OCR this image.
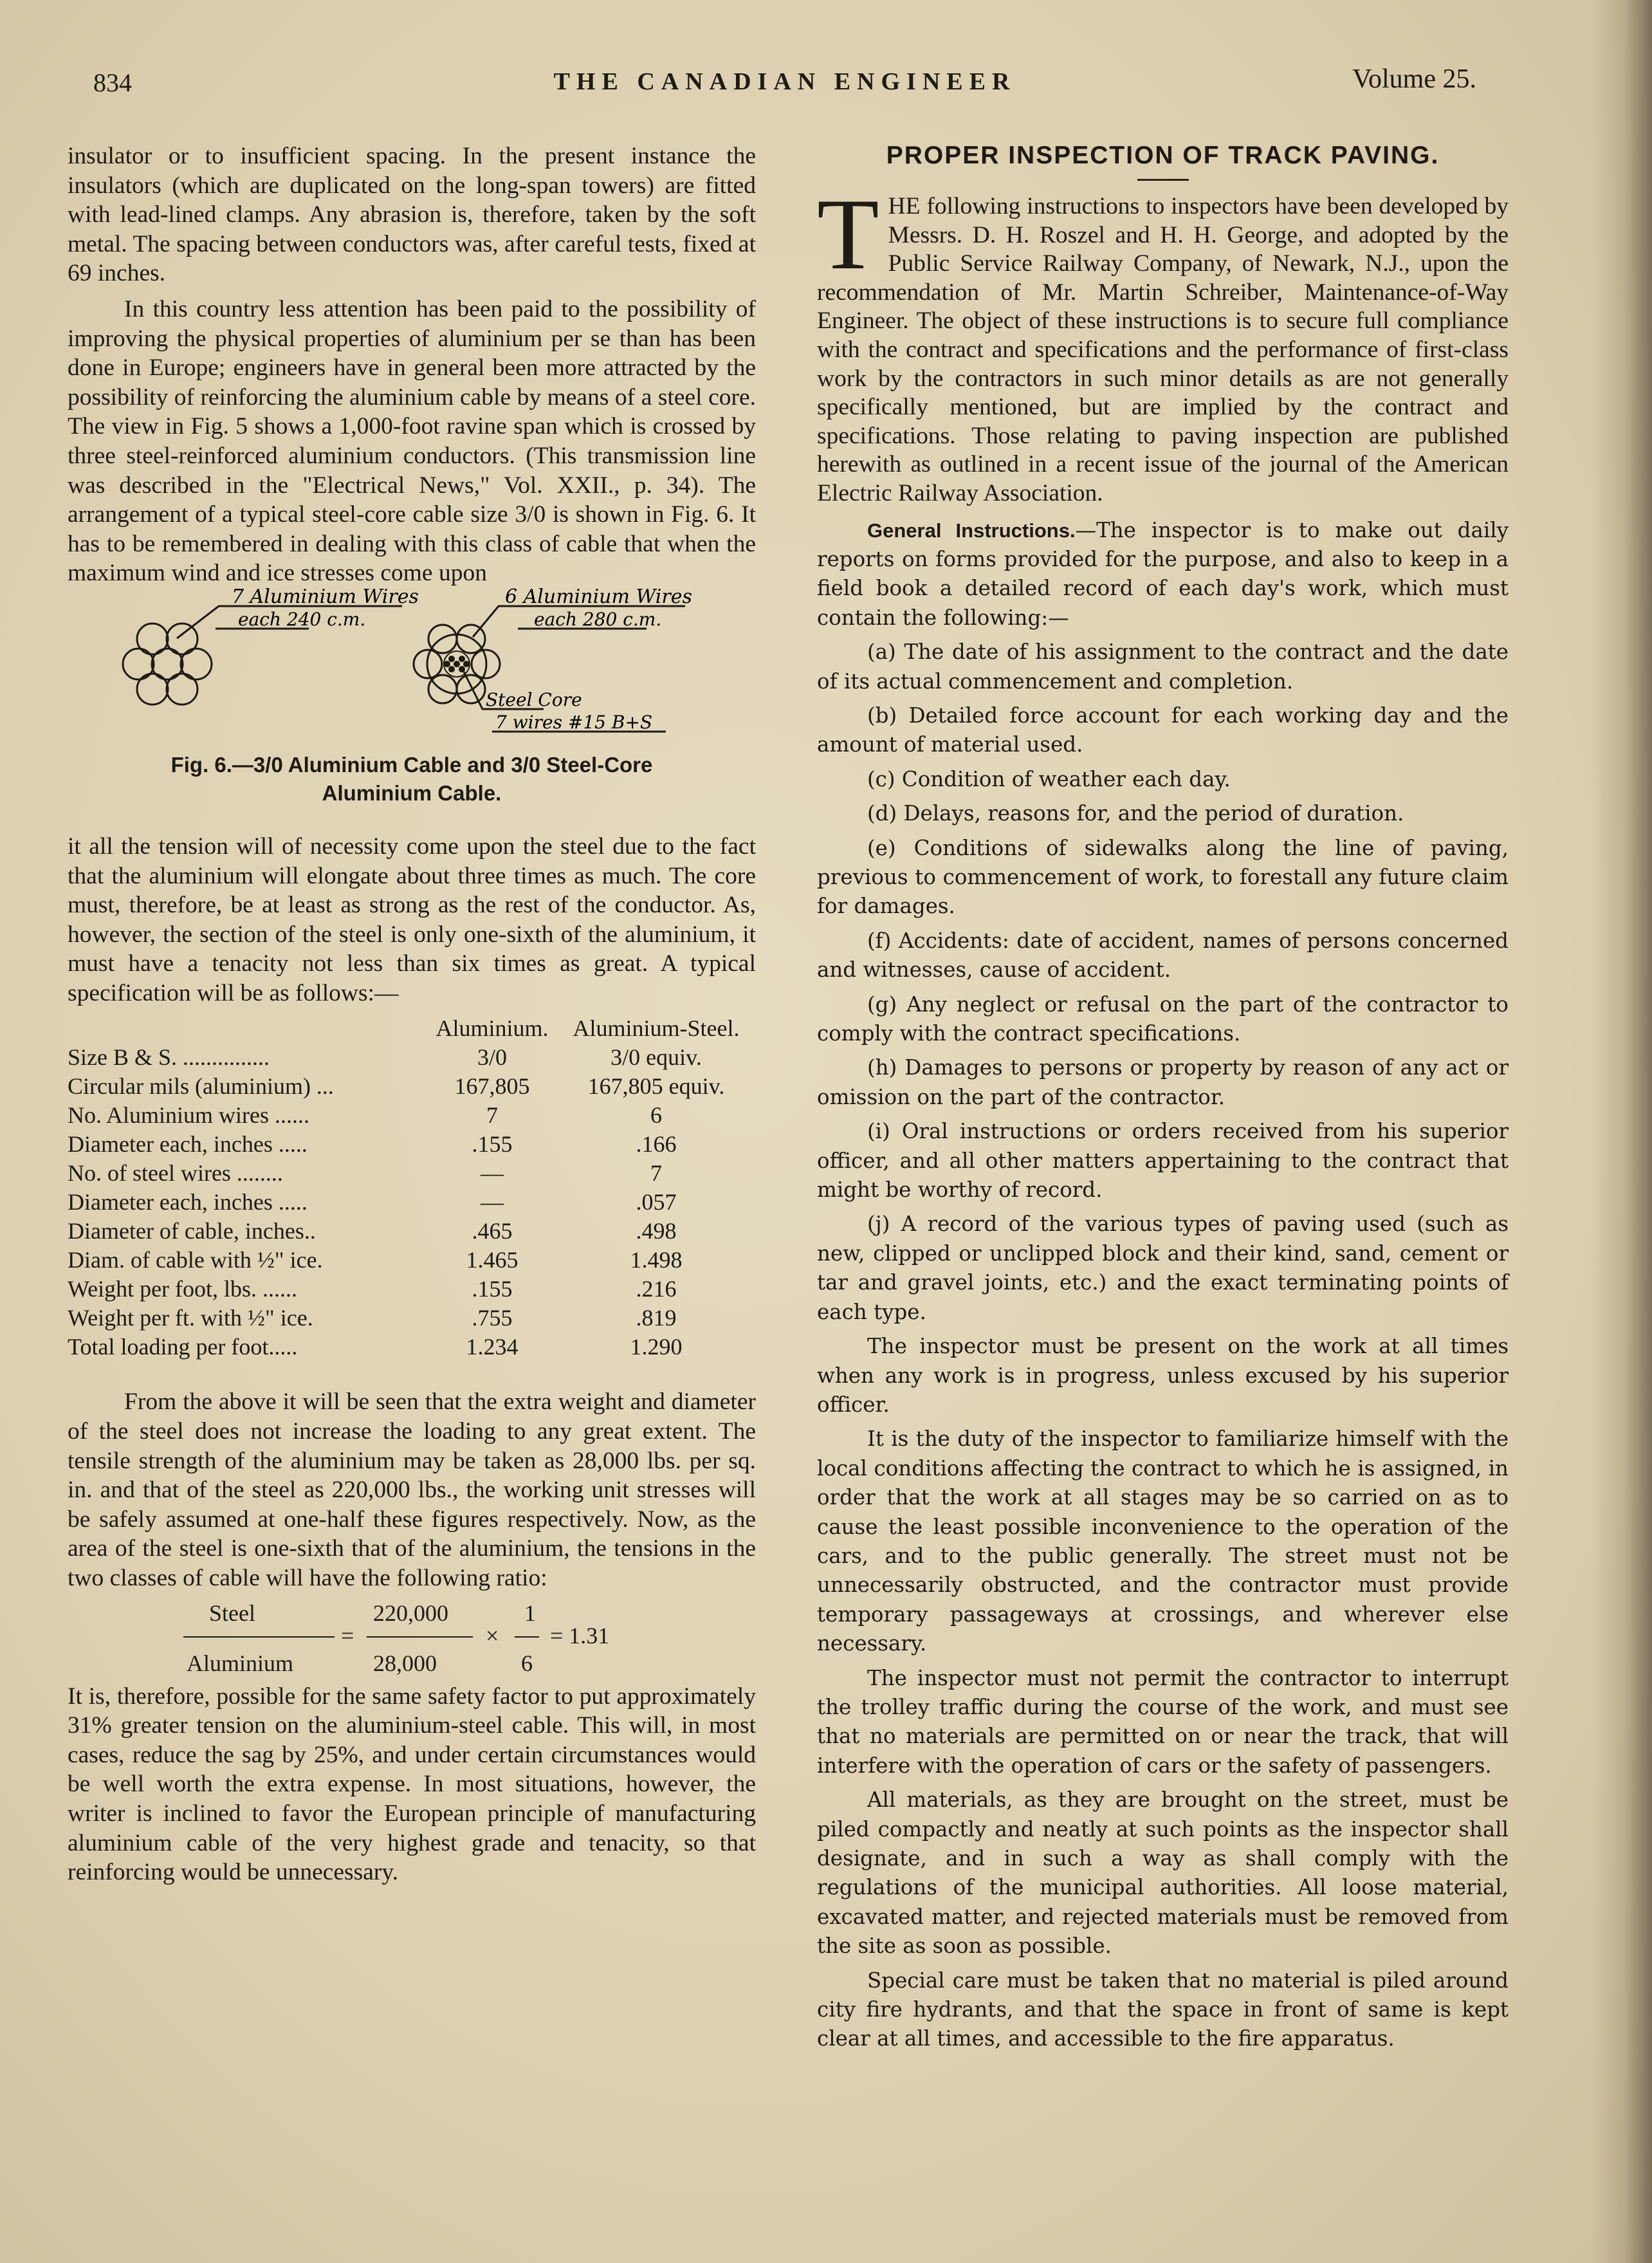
834	THE CANADIAN ENGINEER	Volume 25.

insulator or to insufficient spacing. In the present instance the insulators (which are duplicated on the long-span towers) are fitted with lead-lined clamps. Any abrasion is, therefore, taken by the soft metal. The spacing between conductors was, after careful tests, fixed at 69 inches.

In this country less attention has been paid to the possibility of improving the physical properties of aluminium per se than has been done in Europe; engineers have in general been more attracted by the possibility of reinforcing the aluminium cable by means of a steel core. The view in Fig. 5 shows a 1,000-foot ravine span which is crossed by three steel-reinforced aluminium conductors. (This transmission line was described in the "Electrical News," Vol. XXII., p. 34). The arrangement of a typical steel-core cable size 3/0 is shown in Fig. 6. It has to be remembered in dealing with this class of cable that when the maximum wind and ice stresses come upon

7 Aluminium Wires
each 240 c.m.
6 Aluminium Wires
each 280 c.m.
Steel Core
7 wires #15 B+S
Fig. 6.—3/0 Aluminium Cable and 3/0 Steel-Core
Aluminium Cable.

it all the tension will of necessity come upon the steel due to the fact that the aluminium will elongate about three times as much. The core must, therefore, be at least as strong as the rest of the conductor. As, however, the section of the steel is only one-sixth of the aluminium, it must have a tenacity not less than six times as great. A typical specification will be as follows:—

	Aluminium.	Aluminium-Steel.
Size B & S. ...............	3/0	3/0 equiv.
Circular mils (aluminium) ...	167,805	167,805 equiv.
No. Aluminium wires ......	7	6
Diameter each, inches .....	.155	.166
No. of steel wires ........	—	7
Diameter each, inches .....	—	.057
Diameter of cable, inches..	.465	.498
Diam. of cable with ½" ice.	1.465	1.498
Weight per foot, lbs. ......	.155	.216
Weight per ft. with ½" ice.	.755	.819
Total loading per foot.....	1.234	1.290

From the above it will be seen that the extra weight and diameter of the steel does not increase the loading to any great extent. The tensile strength of the aluminium may be taken as 28,000 lbs. per sq. in. and that of the steel as 220,000 lbs., the working unit stresses will be safely assumed at one-half these figures respectively. Now, as the area of the steel is one-sixth that of the aluminium, the tensions in the two classes of cable will have the following ratio:

Steel	220,000	1
=	× = 1.31
Aluminium	28,000	6

It is, therefore, possible for the same safety factor to put approximately 31% greater tension on the aluminium-steel cable. This will, in most cases, reduce the sag by 25%, and under certain circumstances would be well worth the extra expense. In most situations, however, the writer is inclined to favor the European principle of manufacturing aluminium cable of the very highest grade and tenacity, so that reinforcing would be unnecessary.

PROPER INSPECTION OF TRACK PAVING.

THE following instructions to inspectors have been developed by Messrs. D. H. Roszel and H. H. George, and adopted by the Public Service Railway Company, of Newark, N.J., upon the recommendation of Mr. Martin Schreiber, Maintenance-of-Way Engineer. The object of these instructions is to secure full compliance with the contract and specifications and the performance of first-class work by the contractors in such minor details as are not generally specifically mentioned, but are implied by the contract and specifications. Those relating to paving inspection are published herewith as outlined in a recent issue of the journal of the American Electric Railway Association.

General Instructions.—The inspector is to make out daily reports on forms provided for the purpose, and also to keep in a field book a detailed record of each day's work, which must contain the following:—

(a) The date of his assignment to the contract and the date of its actual commencement and completion.

(b) Detailed force account for each working day and the amount of material used.

(c) Condition of weather each day.

(d) Delays, reasons for, and the period of duration.

(e) Conditions of sidewalks along the line of paving, previous to commencement of work, to forestall any future claim for damages.

(f) Accidents: date of accident, names of persons concerned and witnesses, cause of accident.

(g) Any neglect or refusal on the part of the contractor to comply with the contract specifications.

(h) Damages to persons or property by reason of any act or omission on the part of the contractor.

(i) Oral instructions or orders received from his superior officer, and all other matters appertaining to the contract that might be worthy of record.

(j) A record of the various types of paving used (such as new, clipped or unclipped block and their kind, sand, cement or tar and gravel joints, etc.) and the exact terminating points of each type.

The inspector must be present on the work at all times when any work is in progress, unless excused by his superior officer.

It is the duty of the inspector to familiarize himself with the local conditions affecting the contract to which he is assigned, in order that the work at all stages may be so carried on as to cause the least possible inconvenience to the operation of the cars, and to the public generally. The street must not be unnecessarily obstructed, and the contractor must provide temporary passageways at crossings, and wherever else necessary.

The inspector must not permit the contractor to interrupt the trolley traffic during the course of the work, and must see that no materials are permitted on or near the track, that will interfere with the operation of cars or the safety of passengers.

All materials, as they are brought on the street, must be piled compactly and neatly at such points as the inspector shall designate, and in such a way as shall comply with the regulations of the municipal authorities. All loose material, excavated matter, and rejected materials must be removed from the site as soon as possible.

Special care must be taken that no material is piled around city fire hydrants, and that the space in front of same is kept clear at all times, and accessible to the fire apparatus.
